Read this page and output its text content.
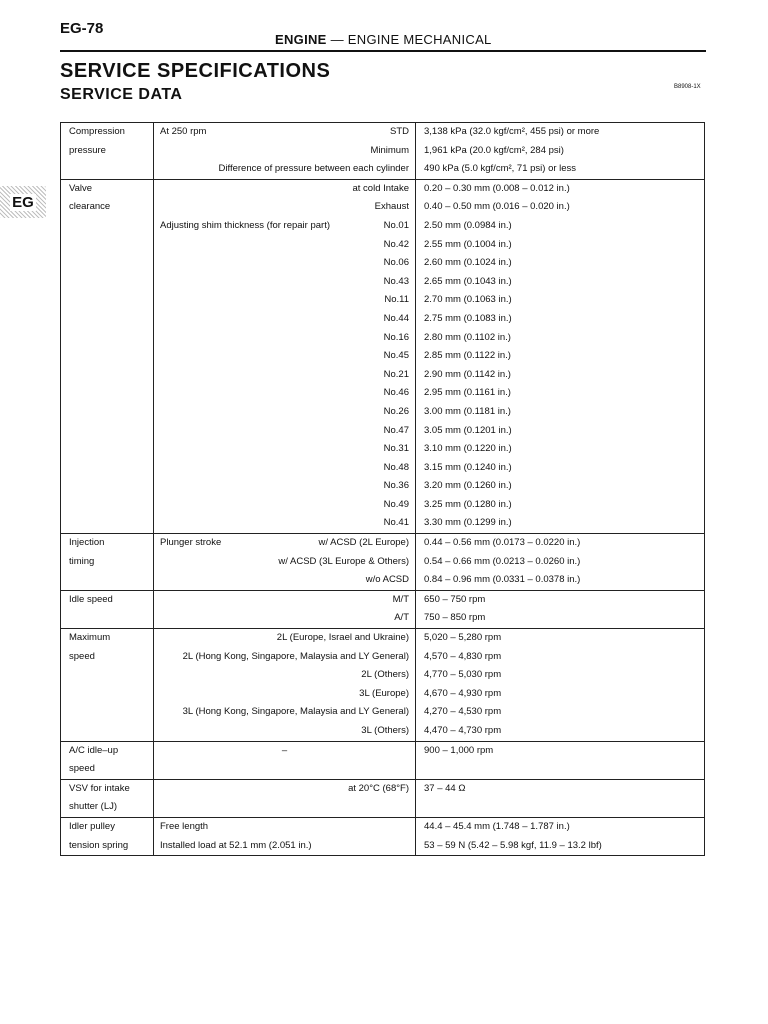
EG-78
ENGINE — ENGINE MECHANICAL
SERVICE SPECIFICATIONS
SERVICE DATA	B8908-1X
EG
Compression	At 250 rpm STD	3,138 kPa (32.0 kgf/cm², 455 psi) or more
pressure	Minimum	1,961 kPa (20.0 kgf/cm², 284 psi)

	Difference of pressure between each cylinder	490 kPa (5.0 kgf/cm², 71 psi) or less
Valve	at cold Intake	0.20 – 0.30 mm (0.008 – 0.012 in.)
clearance	Exhaust	0.40 – 0.50 mm (0.016 – 0.020 in.)

	Adjusting shim thickness (for repair part) No.01	2.50 mm (0.0984 in.)

	No.42	2.55 mm (0.1004 in.)

	No.06	2.60 mm (0.1024 in.)

	No.43	2.65 mm (0.1043 in.)

	No.11	2.70 mm (0.1063 in.)

	No.44	2.75 mm (0.1083 in.)

	No.16	2.80 mm (0.1102 in.)

	No.45	2.85 mm (0.1122 in.)

	No.21	2.90 mm (0.1142 in.)

	No.46	2.95 mm (0.1161 in.)

	No.26	3.00 mm (0.1181 in.)

	No.47	3.05 mm (0.1201 in.)

	No.31	3.10 mm (0.1220 in.)

	No.48	3.15 mm (0.1240 in.)

	No.36	3.20 mm (0.1260 in.)

	No.49	3.25 mm (0.1280 in.)

	No.41	3.30 mm (0.1299 in.)
Injection	Plunger stroke w/ ACSD (2L Europe)	0.44 – 0.56 mm (0.0173 – 0.0220 in.)
timing	w/ ACSD (3L Europe & Others)	0.54 – 0.66 mm (0.0213 – 0.0260 in.)

	w/o ACSD	0.84 – 0.96 mm (0.0331 – 0.0378 in.)
Idle speed	M/T	650 – 750 rpm

	A/T	750 – 850 rpm
Maximum	2L (Europe, Israel and Ukraine)	5,020 – 5,280 rpm
speed	2L (Hong Kong, Singapore, Malaysia and LY General)	4,570 – 4,830 rpm

	2L (Others)	4,770 – 5,030 rpm

	3L (Europe)	4,670 – 4,930 rpm

	3L (Hong Kong, Singapore, Malaysia and LY General)	4,270 – 4,530 rpm

	3L (Others)	4,470 – 4,730 rpm
A/C idle–up	–	900 – 1,000 rpm
speed	

VSV for intake	at 20°C (68°F)	37 – 44 Ω
shutter (LJ)	

Idler pulley	Free length	44.4 – 45.4 mm (1.748 – 1.787 in.)
tension spring	Installed load at 52.1 mm (2.051 in.)	53 – 59 N (5.42 – 5.98 kgf, 11.9 – 13.2 lbf)
